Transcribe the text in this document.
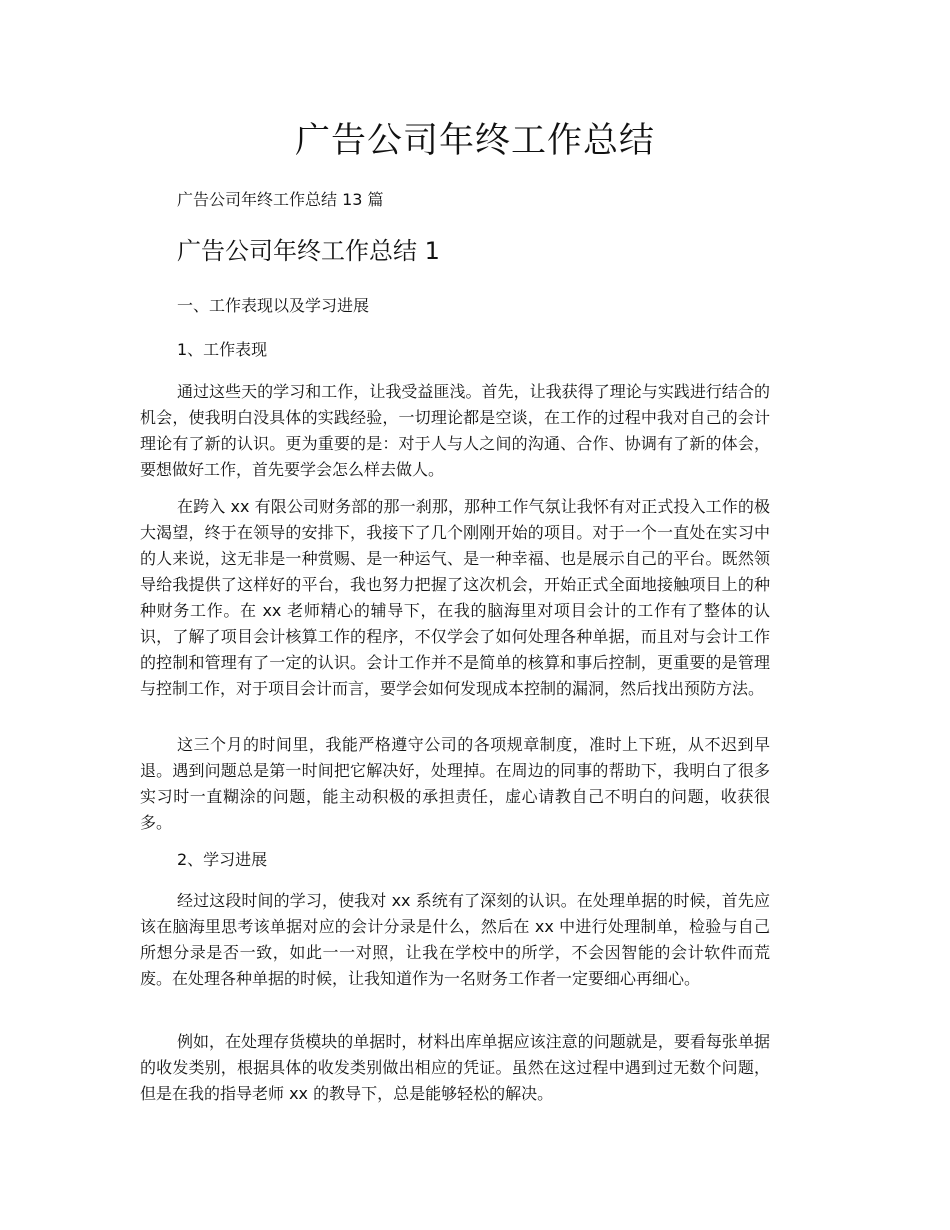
广告公司年终工作总结

广告公司年终工作总结 13 篇

广告公司年终工作总结 1

一、工作表现以及学习进展

1、工作表现

通过这些天的学习和工作，让我受益匪浅。首先，让我获得了理论与实践进行结合的机会，使我明白没具体的实践经验，一切理论都是空谈，在工作的过程中我对自己的会计理论有了新的认识。更为重要的是：对于人与人之间的沟通、合作、协调有了新的体会，要想做好工作，首先要学会怎么样去做人。

在跨入 xx 有限公司财务部的那一刹那，那种工作气氛让我怀有对正式投入工作的极大渴望，终于在领导的安排下，我接下了几个刚刚开始的项目。对于一个一直处在实习中的人来说，这无非是一种赏赐、是一种运气、是一种幸福、也是展示自己的平台。既然领导给我提供了这样好的平台，我也努力把握了这次机会，开始正式全面地接触项目上的种种财务工作。在 xx 老师精心的辅导下，在我的脑海里对项目会计的工作有了整体的认识，了解了项目会计核算工作的程序，不仅学会了如何处理各种单据，而且对与会计工作的控制和管理有了一定的认识。会计工作并不是简单的核算和事后控制，更重要的是管理与控制工作，对于项目会计而言，要学会如何发现成本控制的漏洞，然后找出预防方法。

这三个月的时间里，我能严格遵守公司的各项规章制度，准时上下班，从不迟到早退。遇到问题总是第一时间把它解决好，处理掉。在周边的同事的帮助下，我明白了很多实习时一直糊涂的问题，能主动积极的承担责任，虚心请教自己不明白的问题，收获很多。

2、学习进展

经过这段时间的学习，使我对 xx 系统有了深刻的认识。在处理单据的时候，首先应该在脑海里思考该单据对应的会计分录是什么，然后在 xx 中进行处理制单，检验与自己所想分录是否一致，如此一一对照，让我在学校中的所学，不会因智能的会计软件而荒废。在处理各种单据的时候，让我知道作为一名财务工作者一定要细心再细心。

例如，在处理存货模块的单据时，材料出库单据应该注意的问题就是，要看每张单据的收发类别，根据具体的收发类别做出相应的凭证。虽然在这过程中遇到过无数个问题，但是在我的指导老师 xx 的教导下，总是能够轻松的解决。
